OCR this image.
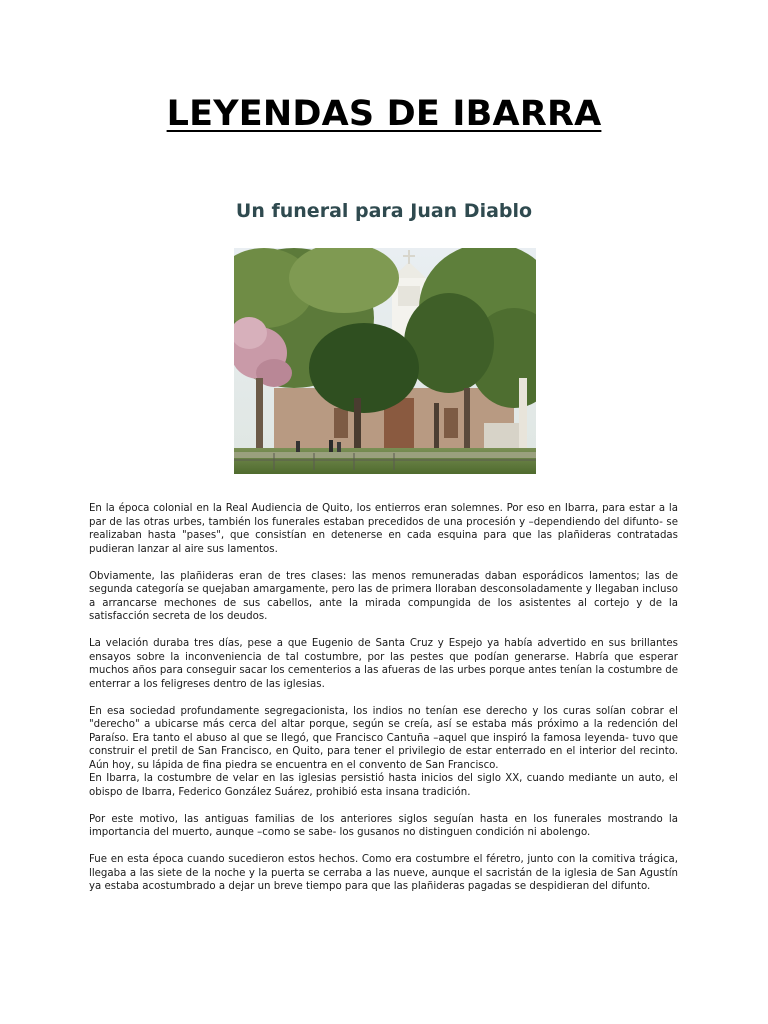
LEYENDAS DE IBARRA
Un funeral para Juan Diablo

En la época colonial en la Real Audiencia de Quito, los entierros eran solemnes. Por eso en Ibarra, para estar a la par de las otras urbes, también los funerales estaban precedidos de una procesión y –dependiendo del difunto- se realizaban hasta "pases", que consistían en detenerse en cada esquina para que las plañideras contratadas pudieran lanzar al aire sus lamentos.

Obviamente, las plañideras eran de tres clases: las menos remuneradas daban esporádicos lamentos; las de segunda categoría se quejaban amargamente, pero las de primera lloraban desconsoladamente y llegaban incluso a arrancarse mechones de sus cabellos, ante la mirada compungida de los asistentes al cortejo y de la satisfacción secreta de los deudos.

La velación duraba tres días, pese a que Eugenio de Santa Cruz y Espejo ya había advertido en sus brillantes ensayos sobre la inconveniencia de tal costumbre, por las pestes que podían generarse. Habría que esperar muchos años para conseguir sacar los cementerios a las afueras de las urbes porque antes tenían la costumbre de enterrar a los feligreses dentro de las iglesias.

En esa sociedad profundamente segregacionista, los indios no tenían ese derecho y los curas solían cobrar el "derecho" a ubicarse más cerca del altar porque, según se creía, así se estaba más próximo a la redención del Paraíso. Era tanto el abuso al que se llegó, que Francisco Cantuña –aquel que inspiró la famosa leyenda- tuvo que construir el pretil de San Francisco, en Quito, para tener el privilegio de estar enterrado en el interior del recinto. Aún hoy, su lápida de fina piedra se encuentra en el convento de San Francisco.

En Ibarra, la costumbre de velar en las iglesias persistió hasta inicios del siglo XX, cuando mediante un auto, el obispo de Ibarra, Federico González Suárez, prohibió esta insana tradición.

Por este motivo, las antiguas familias de los anteriores siglos seguían hasta en los funerales mostrando la importancia del muerto, aunque –como se sabe- los gusanos no distinguen condición ni abolengo.

Fue en esta época cuando sucedieron estos hechos. Como era costumbre el féretro, junto con la comitiva trágica, llegaba a las siete de la noche y la puerta se cerraba a las nueve, aunque el sacristán de la iglesia de San Agustín ya estaba acostumbrado a dejar un breve tiempo para que las plañideras pagadas se despidieran del difunto.
